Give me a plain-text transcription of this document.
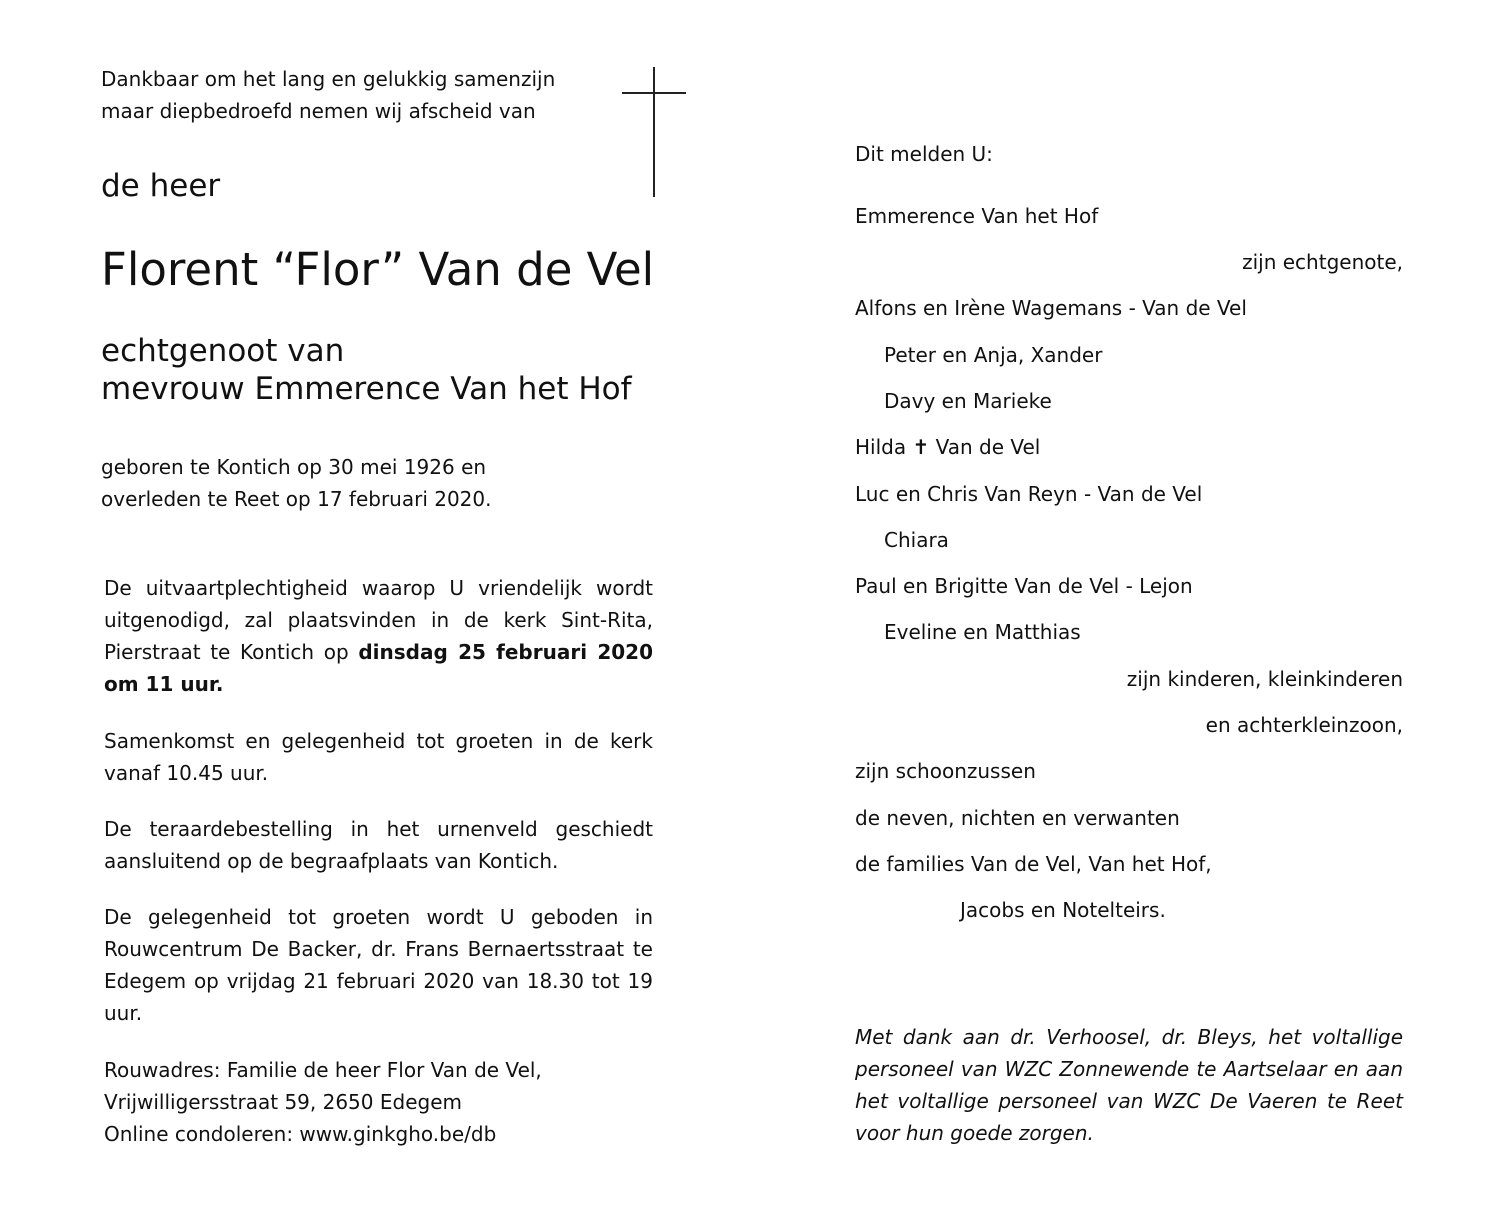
Dankbaar om het lang en gelukkig samenzijn
maar diepbedroefd nemen wij afscheid van
de heer
Florent “Flor” Van de Vel
echtgenoot van
mevrouw Emmerence Van het Hof
geboren te Kontich op 30 mei 1926 en
overleden te Reet op 17 februari 2020.
De uitvaartplechtigheid waarop U vriendelijk wordt uitgenodigd, zal plaatsvinden in de kerk Sint-Rita, Pierstraat te Kontich op dinsdag 25 februari 2020 om 11 uur.
Samenkomst en gelegenheid tot groeten in de kerk vanaf 10.45 uur.
De teraardebestelling in het urnenveld geschiedt aansluitend op de begraafplaats van Kontich.
De gelegenheid tot groeten wordt U geboden in Rouwcentrum De Backer, dr. Frans Bernaertsstraat te Edegem op vrijdag 21 februari 2020 van 18.30 tot 19 uur.
Rouwadres: Familie de heer Flor Van de Vel,
Vrijwilligersstraat 59, 2650 Edegem
Online condoleren: www.ginkgho.be/db
Dit melden U:
Emmerence Van het Hof
zijn echtgenote,
Alfons en Irène Wagemans - Van de Vel
Peter en Anja, Xander
Davy en Marieke
Hilda ✝ Van de Vel
Luc en Chris Van Reyn - Van de Vel
Chiara
Paul en Brigitte Van de Vel - Lejon
Eveline en Matthias
zijn kinderen, kleinkinderen
en achterkleinzoon,
zijn schoonzussen
de neven, nichten en verwanten
de families Van de Vel, Van het Hof,
Jacobs en Notelteirs.
Met dank aan dr. Verhoosel, dr. Bleys, het voltallige personeel van WZC Zonnewende te Aartselaar en aan het voltallige personeel van WZC De Vaeren te Reet voor hun goede zorgen.
